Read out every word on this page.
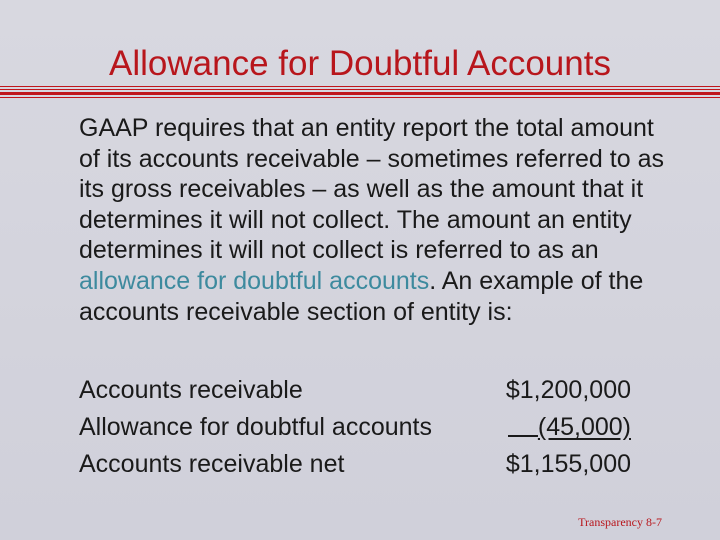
Allowance for Doubtful Accounts

GAAP requires that an entity report the total amount of its accounts receivable – sometimes referred to as its gross receivables – as well as the amount that it determines it will not collect. The amount an entity determines it will not collect is referred to as an allowance for doubtful accounts. An example of the accounts receivable section of entity is:

Accounts receivable	$1,200,000
Allowance for doubtful accounts	(45,000)
Accounts receivable net	$1,155,000
Transparency 8-7
